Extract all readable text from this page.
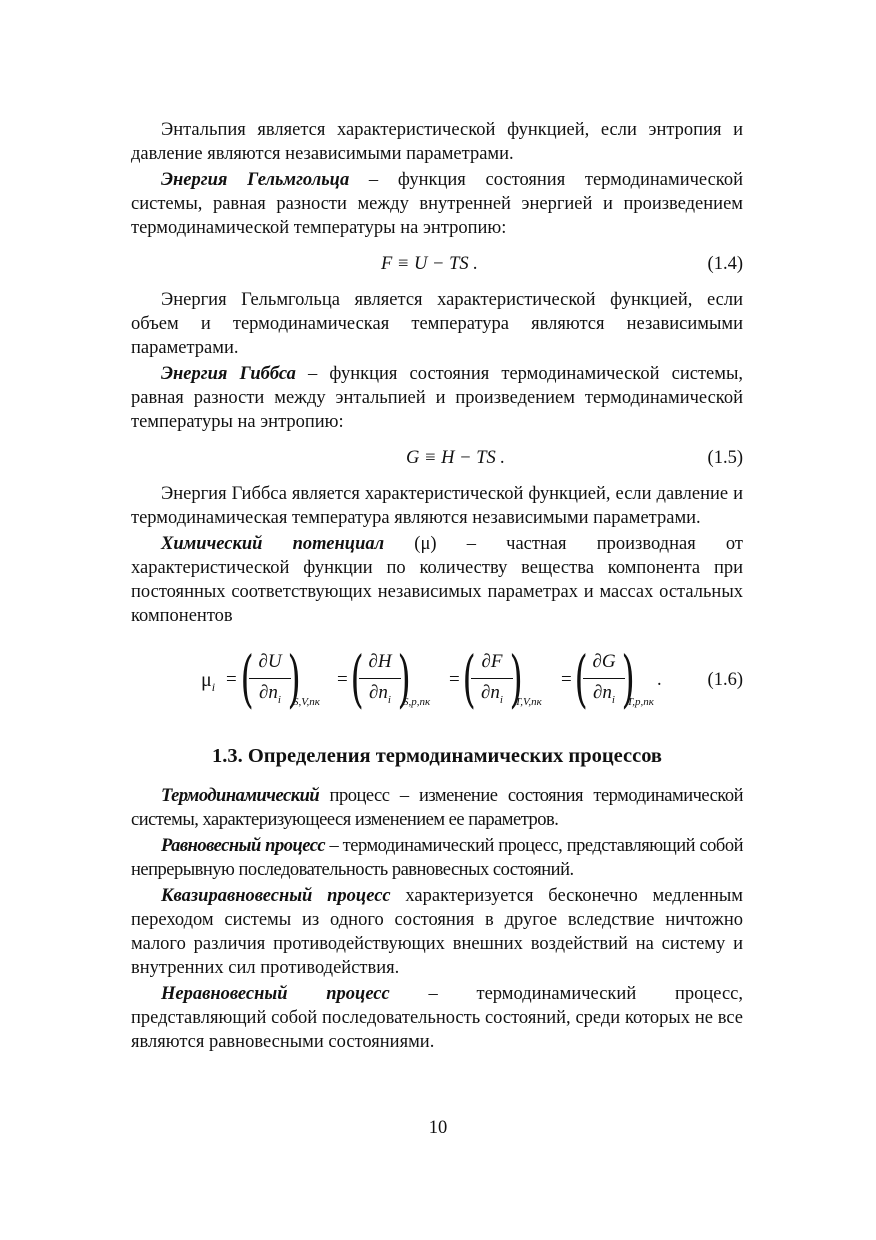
Энтальпия является характеристической функцией, если энтропия и давление являются независимыми параметрами.

Энергия Гельмгольца – функция состояния термодинамической системы, равная разности между внутренней энергией и произведением термодинамической температуры на энтропию:

F ≡ U − TS .	(1.4)

Энергия Гельмгольца является характеристической функцией, если объем и термодинамическая температура являются независимыми параметрами.

Энергия Гиббса – функция состояния термодинамической системы, равная разности между энтальпией и произведением термодинамической температуры на энтропию:

G ≡ H − TS .	(1.5)

Энергия Гиббса является характеристической функцией, если давление и термодинамическая температура являются независимыми параметрами.

Химический потенциал (μ) – частная производная от характеристической функции по количеству вещества компонента при постоянных соответствующих независимых параметрах и массах остальных компонентов

$\mu_i$ = ( ∂U
$\partial n_i$ )
S,V,nк
= ( ∂H
$\partial n_i$ )
S,p,nк
= ( ∂F
$\partial n_i$ )
T,V,nк
= ( ∂G
$\partial n_i$ )
T,p,nк
. (1.6)
1.3. Определения термодинамических процессов

Термодинамический процесс – изменение состояния термодинамической системы, характеризующееся изменением ее параметров.

Равновесный процесс – термодинамический процесс, представляющий собой непрерывную последовательность равновесных состояний.

Квазиравновесный процесс характеризуется бесконечно медленным переходом системы из одного состояния в другое вследствие ничтожно малого различия противодействующих внешних воздействий на систему и внутренних сил противодействия.

Неравновесный процесс – термодинамический процесс, представляющий собой последовательность состояний, среди которых не все являются равновесными состояниями.

10
